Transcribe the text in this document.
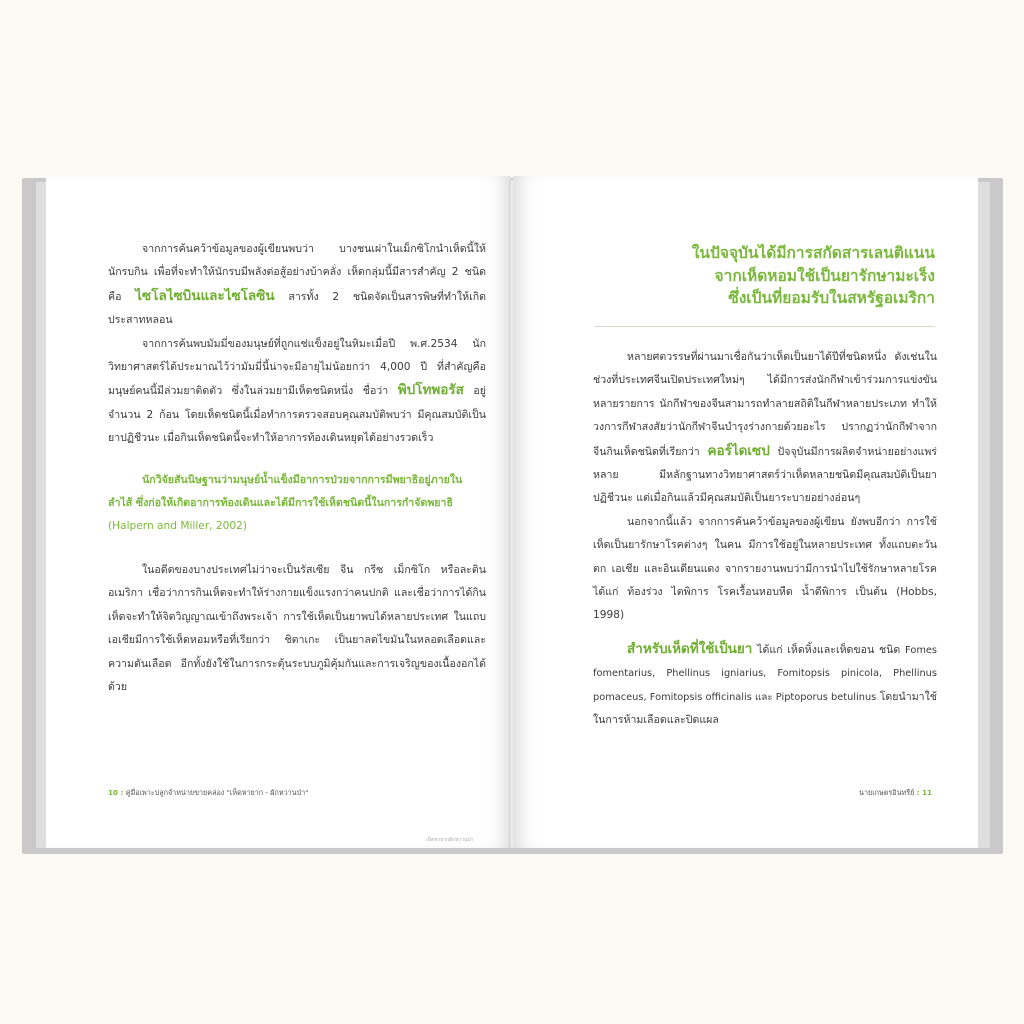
จากการค้นคว้าข้อมูลของผู้เขียนพบว่า บางชนเผ่าในเม็กซิโกนำเห็ดนี้ให้นักรบกิน เพื่อที่จะทำให้นักรบมีพลังต่อสู้อย่างบ้าคลั่ง เห็ดกลุ่มนี้มีสารสำคัญ 2 ชนิด คือ ไซโลไซบินและไซโลซิน สารทั้ง 2 ชนิดจัดเป็นสารพิษที่ทำให้เกิดประสาทหลอน

จากการค้นพบมัมมี่ของมนุษย์ที่ถูกแช่แข็งอยู่ในหิมะเมื่อปี พ.ศ.2534 นักวิทยาศาสตร์ได้ประมาณไว้ว่ามัมมี่นี้น่าจะมีอายุไม่น้อยกว่า 4,000 ปี ที่สำคัญคือมนุษย์คนนี้มีล่วมยาติดตัว ซึ่งในล่วมยามีเห็ดชนิดหนึ่ง ชื่อว่า พิปโทพอรัส อยู่จำนวน 2 ก้อน โดยเห็ดชนิดนี้เมื่อทำการตรวจสอบคุณสมบัติพบว่า มีคุณสมบัติเป็นยาปฏิชีวนะ เมื่อกินเห็ดชนิดนี้จะทำให้อาการท้องเดินหยุดได้อย่างรวดเร็ว

นักวิจัยสันนิษฐานว่ามนุษย์น้ำแข็งมีอาการป่วยจากการมีพยาธิอยู่ภายในลำไส้ ซึ่งก่อให้เกิดอาการท้องเดินและได้มีการใช้เห็ดชนิดนี้ในการกำจัดพยาธิ (Halpern and Miller, 2002)

ในอดีตของบางประเทศไม่ว่าจะเป็นรัสเซีย จีน กรีซ เม็กซิโก หรือละตินอเมริกา เชื่อว่าการกินเห็ดจะทำให้ร่างกายแข็งแรงกว่าคนปกติ และเชื่อว่าการได้กินเห็ดจะทำให้จิตวิญญาณเข้าถึงพระเจ้า การใช้เห็ดเป็นยาพบได้หลายประเทศ ในแถบเอเชียมีการใช้เห็ดหอมหรือที่เรียกว่า ชิตาเกะ เป็นยาลดไขมันในหลอดเลือดและความดันเลือด อีกทั้งยังใช้ในการกระตุ้นระบบภูมิคุ้มกันและการเจริญของเนื้องอกได้ด้วย

10 : คู่มือเพาะปลูกจำหน่ายขายคล่อง "เห็ดหายาก - ผักหวานป่า"
เห็ดหายากผักหวานป่า

ในปัจจุบันได้มีการสกัดสารเลนติแนน

จากเห็ดหอมใช้เป็นยารักษามะเร็ง

ซึ่งเป็นที่ยอมรับในสหรัฐอเมริกา

หลายศตวรรษที่ผ่านมาเชื่อกันว่าเห็ดเป็นยาได้ปีที่ชนิดหนึ่ง ดังเช่นในช่วงที่ประเทศจีนเปิดประเทศใหม่ๆ ได้มีการส่งนักกีฬาเข้าร่วมการแข่งขันหลายรายการ นักกีฬาของจีนสามารถทำลายสถิติในกีฬาหลายประเภท ทำให้วงการกีฬาสงสัยว่านักกีฬาจีนบำรุงร่างกายด้วยอะไร ปรากฏว่านักกีฬาจากจีนกินเห็ดชนิดที่เรียกว่า คอร์ไดเซป ปัจจุบันมีการผลิตจำหน่ายอย่างแพร่หลาย มีหลักฐานทางวิทยาศาสตร์ว่าเห็ดหลายชนิดมีคุณสมบัติเป็นยาปฏิชีวนะ แต่เมื่อกินแล้วมีคุณสมบัติเป็นยาระบายอย่างอ่อนๆ

นอกจากนี้แล้ว จากการค้นคว้าข้อมูลของผู้เขียน ยังพบอีกว่า การใช้เห็ดเป็นยารักษาโรคต่างๆ ในคน มีการใช้อยู่ในหลายประเทศ ทั้งแถบตะวันตก เอเชีย และอินเดียนแดง จากรายงานพบว่ามีการนำไปใช้รักษาหลายโรค ได้แก่ ท้องร่วง ไตพิการ โรคเรื้อนหอบหืด น้ำดีพิการ เป็นต้น (Hobbs, 1998)

สำหรับเห็ดที่ใช้เป็นยา ได้แก่ เห็ดหิ้งและเห็ดขอน ชนิด Fomes fomentarius, Phellinus igniarius, Fomitopsis pinicola, Phellinus pomaceus, Fomitopsis officinalis และ Piptoporus betulinus โดยนำมาใช้ในการห้ามเลือดและปิดแผล

นายเกษตรอินทรีย์ : 11
